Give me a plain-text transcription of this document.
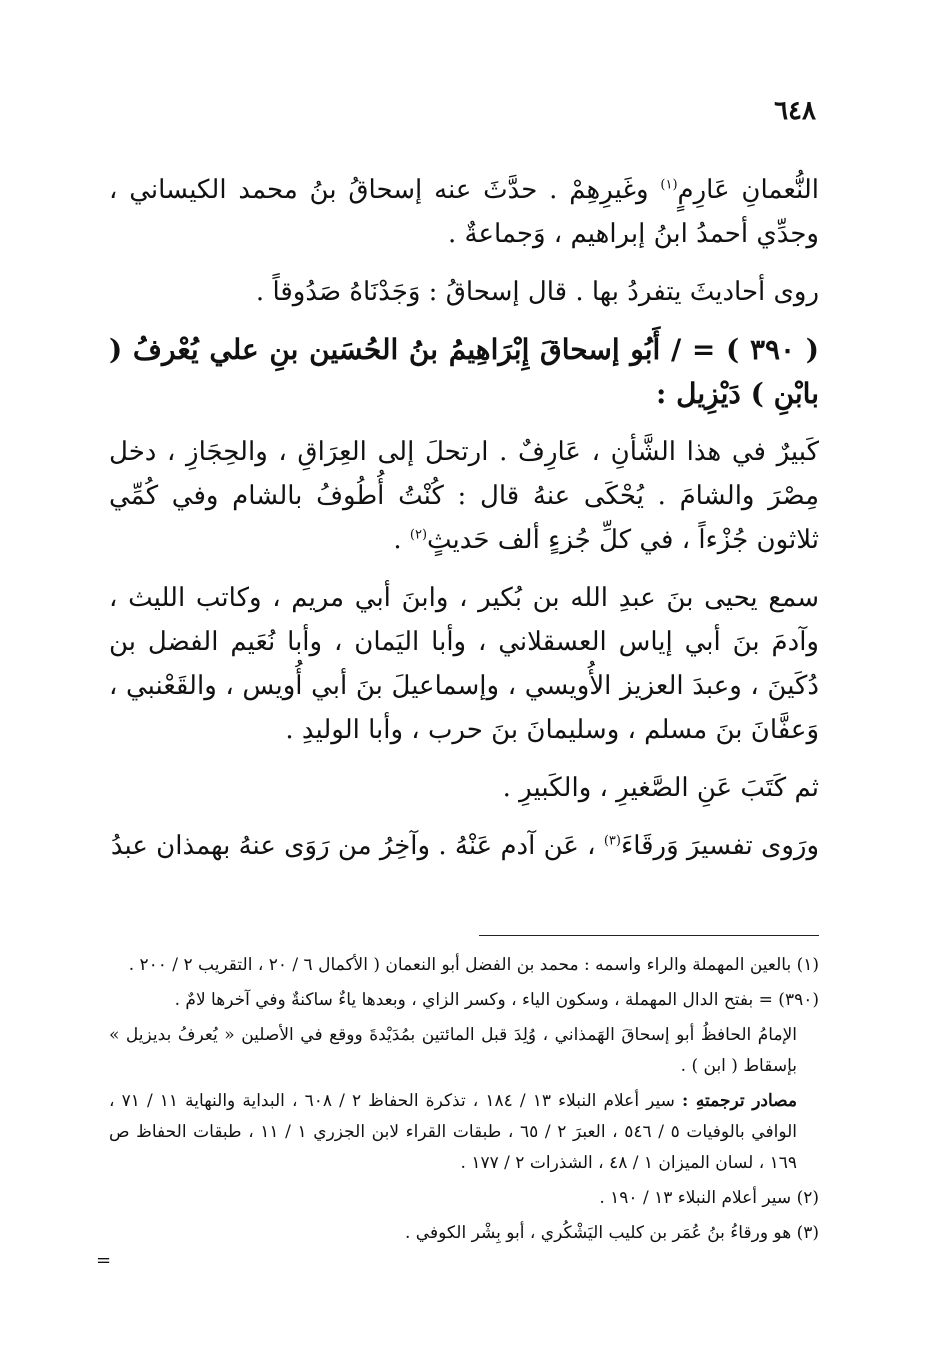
٦٤٨

النُّعمانِ عَارِمٍ$^{(١)}$ وغَيرِهِمْ . حدَّثَ عنه إسحاقُ بنُ محمد الكيساني ، وجدِّي أحمدُ ابنُ إبراهيم ، وَجماعةٌ .

روى أحاديثَ يتفردُ بها . قال إسحاقُ : وَجَدْنَاهُ صَدُوقاً .

( ٣٩٠ ) = / أَبُو إسحاقَ إِبْرَاهِيمُ بنُ الحُسَين بنِ علي يُعْرفُ ( بابْنِ ) دَيْزِيل :

كَبيرٌ في هذا الشَّأنِ ، عَارِفٌ . ارتحلَ إلى العِرَاقِ ، والحِجَازِ ، دخل مِصْرَ والشامَ . يُحْكَى عنهُ قال : كُنْتُ أُطُوفُ بالشام وفي كُمِّي ثلاثون جُزْءاً ، في كلِّ جُزءٍ ألف حَديثٍ$^{(٢)}$ .

سمع يحيى بنَ عبدِ الله بن بُكير ، وابنَ أبي مريم ، وكاتب الليث ، وآدمَ بنَ أبي إياس العسقلاني ، وأبا اليَمان ، وأبا نُعَيم الفضل بن دُكَينَ ، وعبدَ العزيز الأُويسي ، وإسماعيلَ بنَ أبي أُويس ، والقَعْنبي ، وَعفَّانَ بنَ مسلم ، وسليمانَ بنَ حرب ، وأبا الوليدِ .

ثم كَتَبَ عَنِ الصَّغيرِ ، والكَبيرِ .

ورَوى تفسيرَ وَرقَاءَ$^{(٣)}$ ، عَن آدم عَنْهُ . وآخِرُ من رَوَى عنهُ بهمذان عبدُ

(١) بالعين المهملة والراء واسمه : محمد بن الفضل أبو النعمان ( الأكمال ٦ / ٢٠ ، التقريب ٢ / ٢٠٠ .

(٣٩٠) = بفتح الدال المهملة ، وسكون الياء ، وكسر الزاي ، وبعدها ياءٌ ساكنةٌ وفي آخرها لامٌ .

الإمامُ الحافظُ أبو إسحاقَ الهَمذاني ، وُلِدَ قبل المائتين بمُدَيْدةَ ووقع في الأصلين « يُعرفُ بديزيل » بإسقاط ( ابن ) .

مصادر ترجمتهِ : سير أعلام النبلاء ١٣ / ١٨٤ ، تذكرة الحفاظ ٢ / ٦٠٨ ، البداية والنهاية ١١ / ٧١ ، الوافي بالوفيات ٥ / ٥٤٦ ، العبرَ ٢ / ٦٥ ، طبقات القراء لابن الجزري ١ / ١١ ، طبقات الحفاظ ص ١٦٩ ، لسان الميزان ١ / ٤٨ ، الشذرات ٢ / ١٧٧ .

(٢) سير أعلام النبلاء ١٣ / ١٩٠ .

(٣) هو ورقاءُ بنُ عُمَر بن كليب اليَشْكُري ، أبو بِشْر الكوفي .

=
